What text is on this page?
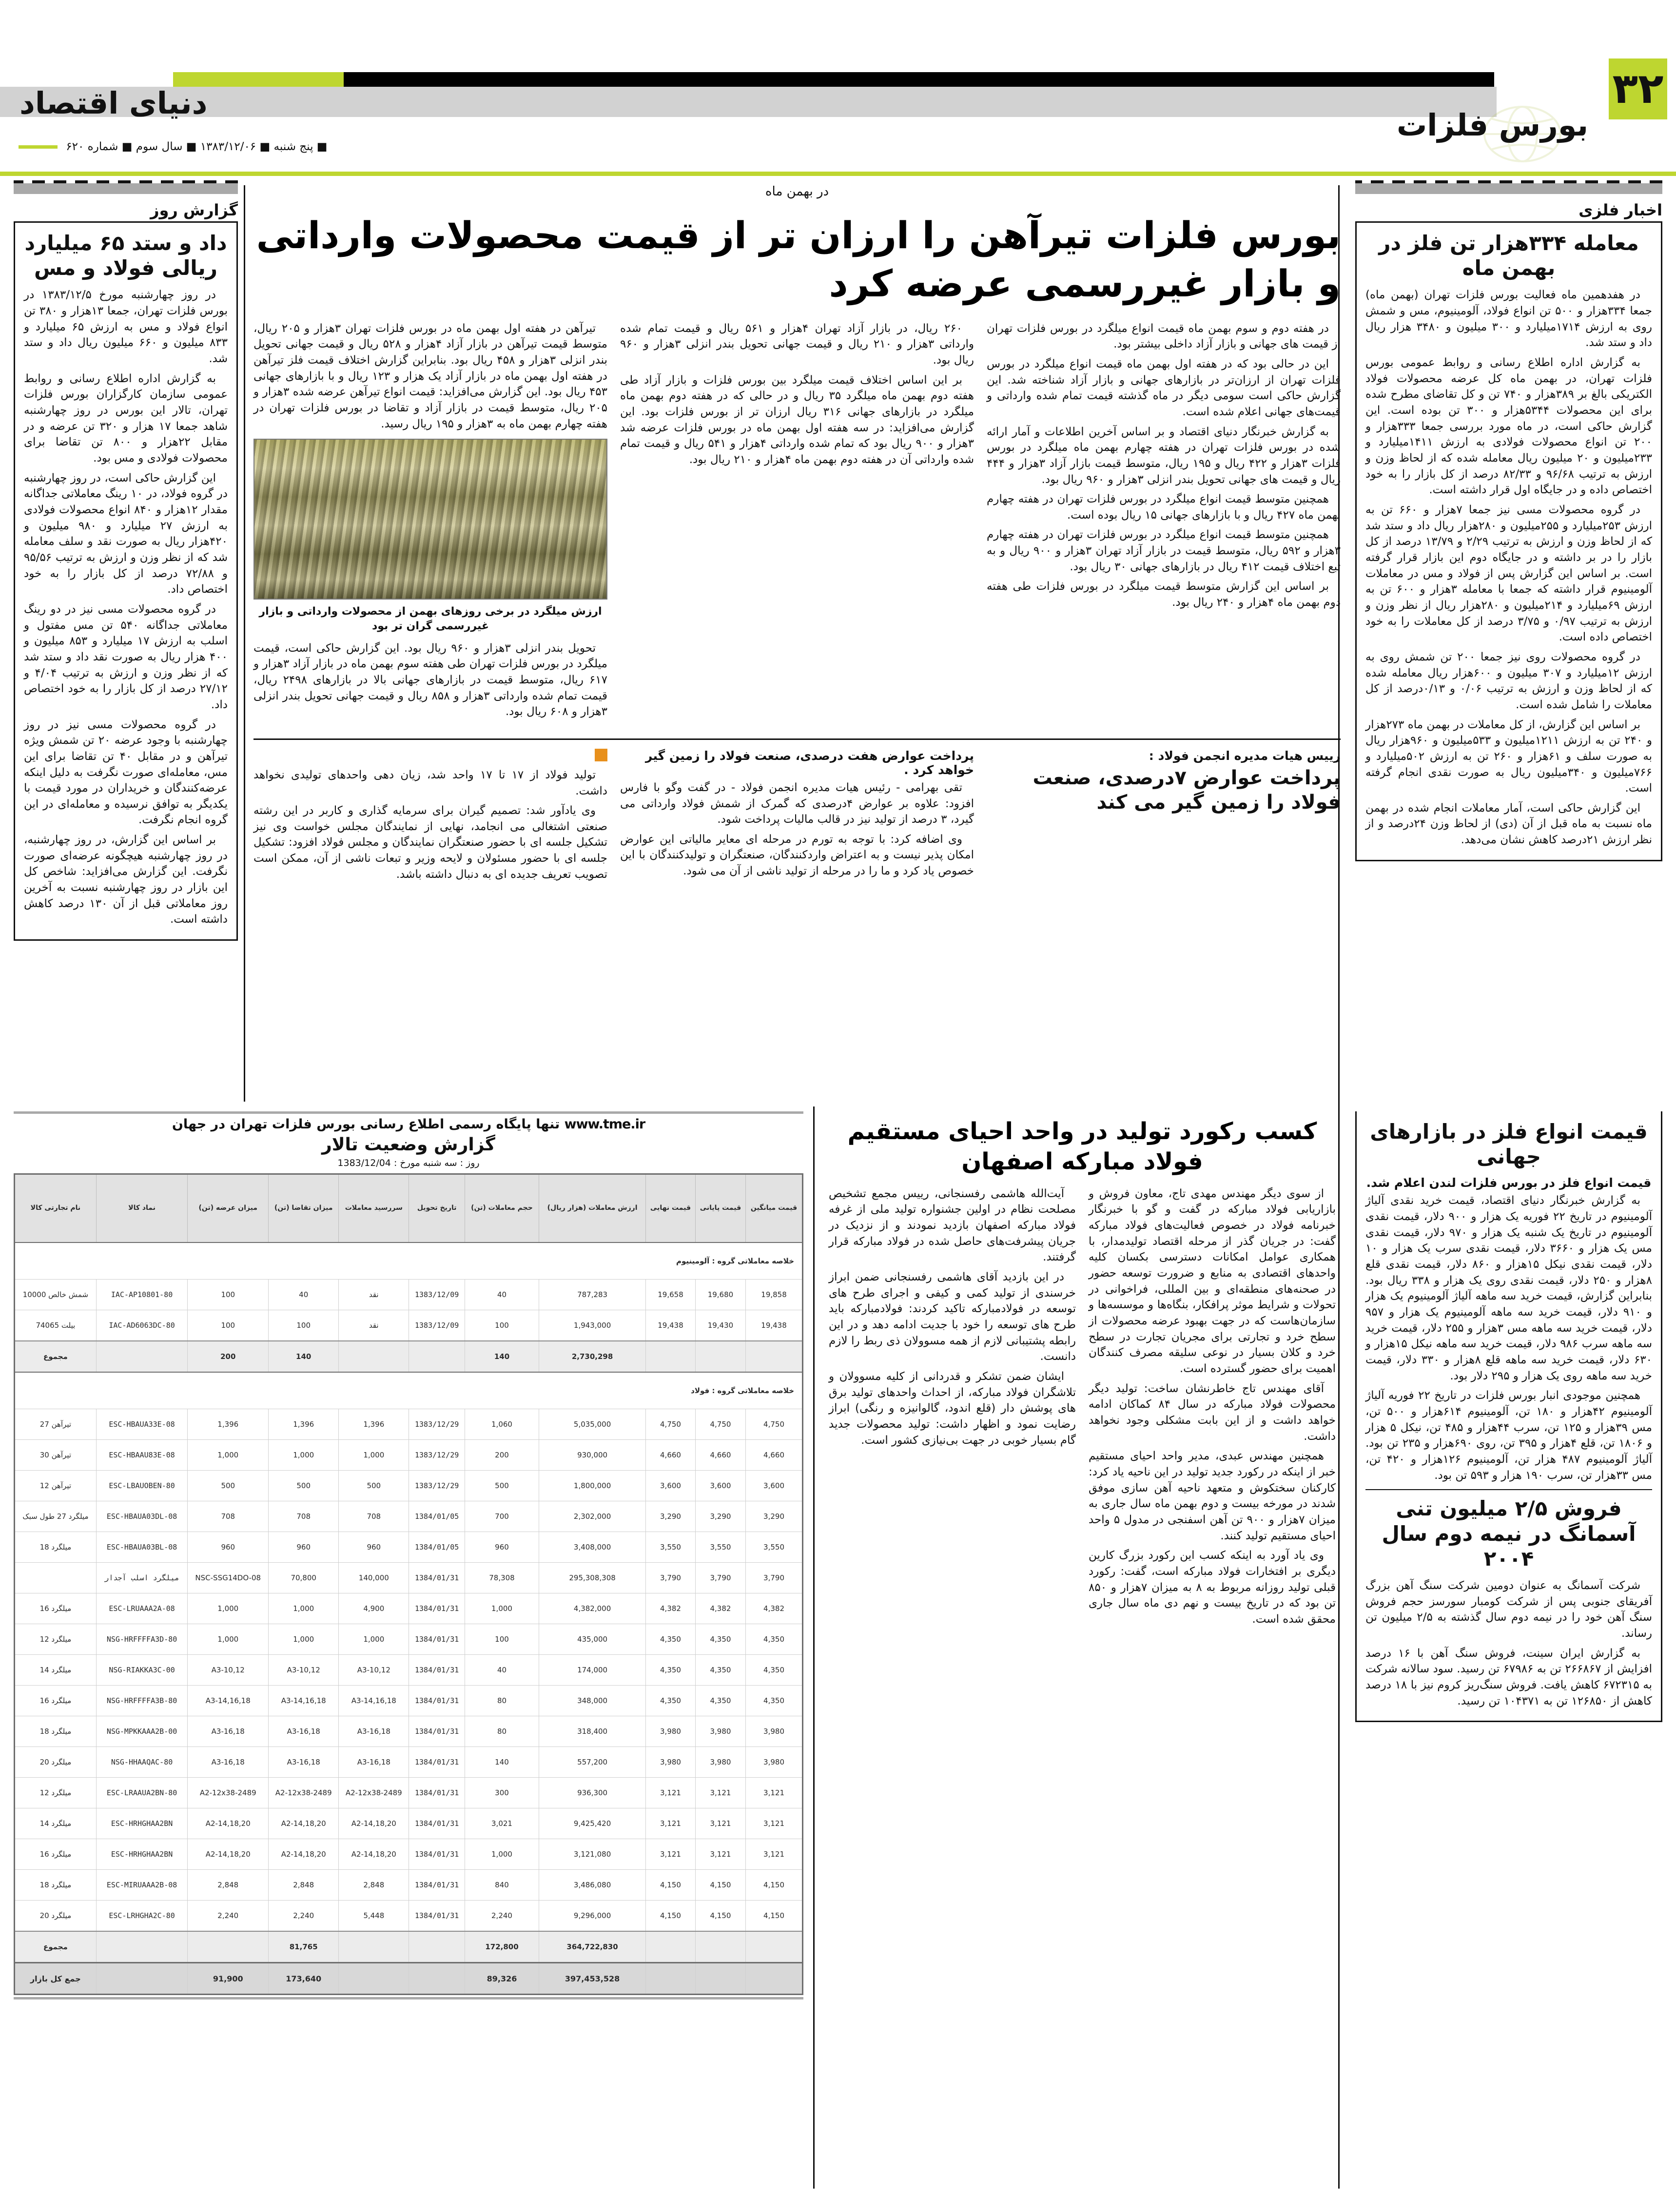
۳۲
دنیای اقتصاد
■ پنج شنبه ■ ۱۳۸۳/۱۲/۰۶ ■ سال سوم ■ شماره ۶۲۰
بورس فلزات
گزارش روز
داد و ستد ۶۵ میلیارد ریالی فولاد و مس

در روز چهارشنبه مورخ ۱۳۸۳/۱۲/۵ در بورس فلزات تهران، جمعا ۱۳هزار و ۳۸۰ تن انواع فولاد و مس به ارزش ۶۵ میلیارد و ۸۳۳ میلیون و ۶۶۰ میلیون ریال داد و ستد شد.

به گزارش اداره اطلاع رسانی و روابط عمومی سازمان کارگزاران بورس فلزات تهران، تالار این بورس در روز چهارشنبه شاهد جمعا ۱۷ هزار و ۳۲۰ تن عرضه و در مقابل ۲۲هزار و ۸۰۰ تن تقاضا برای محصولات فولادی و مس بود.

این گزارش حاکی است، در روز چهارشنبه در گروه فولاد، در ۱۰ رینگ معاملاتی جداگانه مقدار ۱۲هزار و ۸۴۰ انواع محصولات فولادی به ارزش ۲۷ میلیارد و ۹۸۰ میلیون و ۴۲۰هزار ریال به صورت نقد و سلف معامله شد که از نظر وزن و ارزش به ترتیب ۹۵/۵۶ و ۷۲/۸۸ درصد از کل بازار را به خود اختصاص داد.

در گروه محصولات مسی نیز در دو رینگ معاملاتی جداگانه ۵۴۰ تن مس مفتول و اسلب به ارزش ۱۷ میلیارد و ۸۵۳ میلیون و ۴۰۰ هزار ریال به صورت نقد داد و ستد شد که از نظر وزن و ارزش به ترتیب ۴/۰۴ و ۲۷/۱۲ درصد از کل بازار را به خود اختصاص داد.

در گروه محصولات مسی نیز در روز چهارشنبه با وجود عرضه ۲۰ تن شمش ویژه تیرآهن و در مقابل ۴۰ تن تقاضا برای این مس، معامله‌ای صورت نگرفت به دلیل اینکه عرضه‌کنندگان و خریداران در مورد قیمت با یکدیگر به توافق نرسیده و معامله‌ای در این گروه انجام نگرفت.

بر اساس این گزارش، در روز چهارشنبه، در روز چهارشنبه هیچگونه عرضه‌ای صورت نگرفت. این گزارش می‌افزاید: شاخص کل این بازار در روز چهارشنبه نسبت به آخرین روز معاملاتی قبل از آن ۱۳۰ درصد کاهش داشته است.

در بهمن ماه
بورس فلزات تیرآهن را ارزان تر از قیمت محصولات وارداتی و بازار غیررسمی عرضه کرد

در هفته دوم و سوم بهمن ماه قیمت انواع میلگرد در بورس فلزات تهران از قیمت های جهانی و بازار آزاد داخلی بیشتر بود.

این در حالی بود که در هفته اول بهمن ماه قیمت انواع میلگرد در بورس فلزات تهران از ارزان‌تر در بازارهای جهانی و بازار آزاد شناخته شد. این گزارش حاکی است سومی دیگر در ماه گذشته قیمت تمام شده وارداتی و قیمت‌های جهانی اعلام شده است.

به گزارش خبرنگار دنیای اقتصاد و بر اساس آخرین اطلاعات و آمار ارائه شده در بورس فلزات تهران در هفته چهارم بهمن ماه میلگرد در بورس فلزات ۳هزار و ۴۲۲ ریال و ۱۹۵ ریال، متوسط قیمت بازار آزاد ۳هزار و ۴۴۴ ریال و قیمت های جهانی تحویل بندر انزلی ۳هزار و ۹۶۰ ریال بود.

همچنین متوسط قیمت انواع میلگرد در بورس فلزات تهران در هفته چهارم بهمن ماه ۴۲۷ ریال و با بازارهای جهانی ۱۵ ریال بوده است.

همچنین متوسط قیمت انواع میلگرد در بورس فلزات تهران در هفته چهارم ۳هزار و ۵۹۲ ریال، متوسط قیمت در بازار آزاد تهران ۳هزار و ۹۰۰ ریال و به تبع اختلاف قیمت ۴۱۲ ریال در بازارهای جهانی ۳۰ ریال بود.

بر اساس این گزارش متوسط قیمت میلگرد در بورس فلزات طی هفته دوم بهمن ماه ۴هزار و ۲۴۰ ریال بود.

۲۶۰ ریال، در بازار آزاد تهران ۴هزار و ۵۶۱ ریال و قیمت تمام شده وارداتی ۳هزار و ۲۱۰ ریال و قیمت جهانی تحویل بندر انزلی ۳هزار و ۹۶۰ ریال بود.

بر این اساس اختلاف قیمت میلگرد بین بورس فلزات و بازار آزاد طی هفته دوم بهمن ماه میلگرد ۳۵ ریال و در حالی که در هفته دوم بهمن ماه میلگرد در بازارهای جهانی ۳۱۶ ریال ارزان تر از بورس فلزات بود. این گزارش می‌افزاید: در سه هفته اول بهمن ماه در بورس فلزات عرضه شد ۳هزار و ۹۰۰ ریال بود که تمام شده وارداتی ۴هزار و ۵۴۱ ریال و قیمت تمام شده وارداتی آن در هفته دوم بهمن ماه ۴هزار و ۲۱۰ ریال بود.

تیرآهن در هفته اول بهمن ماه در بورس فلزات تهران ۳هزار و ۲۰۵ ریال، متوسط قیمت تیرآهن در بازار آزاد ۴هزار و ۵۲۸ ریال و قیمت جهانی تحویل بندر انزلی ۳هزار و ۴۵۸ ریال بود. بنابراین گزارش اختلاف قیمت فلز تیرآهن در هفته اول بهمن ماه در بازار آزاد یک هزار و ۱۲۳ ریال و با بازارهای جهانی ۴۵۳ ریال بود. این گزارش می‌افزاید: قیمت انواع تیرآهن عرضه شده ۳هزار و ۲۰۵ ریال، متوسط قیمت در بازار آزاد و تقاضا در بورس فلزات تهران در هفته چهارم بهمن ماه به ۳هزار و ۱۹۵ ریال رسید.

ارزش میلگرد در برخی روزهای بهمن از محصولات وارداتی و بازار غیررسمی گران تر بود

تحویل بندر انزلی ۳هزار و ۹۶۰ ریال بود. این گزارش حاکی است، قیمت میلگرد در بورس فلزات تهران طی هفته سوم بهمن ماه در بازار آزاد ۳هزار و ۶۱۷ ریال، متوسط قیمت در بازارهای جهانی بالا در بازارهای ۲۴۹۸ ریال، قیمت تمام شده وارداتی ۳هزار و ۸۵۸ ریال و قیمت جهانی تحویل بندر انزلی ۳هزار و ۶۰۸ ریال بود.

رییس هیات مدیره انجمن فولاد :
پرداخت عوارض ۷درصدی، صنعت فولاد را زمین گیر می کند
پرداخت عوارض هفت درصدی، صنعت فولاد را زمین گیر خواهد کرد .

تقی بهرامی - رئیس هیات مدیره انجمن فولاد - در گفت وگو با فارس افزود: علاوه بر عوارض ۴درصدی که گمرک از شمش فولاد وارداتی می گیرد، ۳ درصد از تولید نیز در قالب مالیات پرداخت شود.

وی اضافه کرد: با توجه به تورم در مرحله ای معایر مالیاتی این عوارض امکان پذیر نیست و به اعتراض واردکنندگان، صنعتگران و تولیدکنندگان با این خصوص یاد کرد و ما را در مرحله از تولید ناشی از آن می شود.

تولید فولاد از ۱۷ تا ۱۷ واحد شد، زیان دهی واحدهای تولیدی نخواهد داشت.

وی یادآور شد: تصمیم گیران برای سرمایه گذاری و کاربر در این رشته صنعتی اشتغالی می انجامد، نهایی از نمایندگان مجلس خواست وی نیز تشکیل جلسه ای با حضور صنعتگران نمایندگان و مجلس فولاد افزود: تشکیل جلسه ای با حضور مسئولان و لایحه وزیر و تبعات ناشی از آن، ممکن است تصویب تعریف جدیده ای به دنبال داشته باشد.

اخبار فلزی
معامله ۳۳۴هزار تن فلز در بهمن ماه

در هفدهمین ماه فعالیت بورس فلزات تهران (بهمن ماه) جمعا ۳۳۴هزار و ۵۰۰ تن انواع فولاد، آلومینیوم، مس و شمش روی به ارزش ۱۷۱۴میلیارد و ۳۰۰ میلیون و ۳۴۸۰ هزار ریال داد و ستد شد.

به گزارش اداره اطلاع رسانی و روابط عمومی بورس فلزات تهران، در بهمن ماه کل عرضه محصولات فولاد الکتریکی بالغ بر ۳۸۹هزار و ۷۴۰ تن و کل تقاضای مطرح شده برای این محصولات ۵۳۴۴هزار و ۳۰۰ تن بوده است. این گزارش حاکی است، در ماه مورد بررسی جمعا ۳۳۳هزار و ۲۰۰ تن انواع محصولات فولادی به ارزش ۱۴۱۱میلیارد و ۲۳۳میلیون و ۲۰ میلیون ریال معامله شده که از لحاظ وزن و ارزش به ترتیب ۹۶/۶۸ و ۸۲/۳۳ درصد از کل بازار را به خود اختصاص داده و در جایگاه اول قرار داشته است.

در گروه محصولات مسی نیز جمعا ۷هزار و ۶۶۰ تن به ارزش ۲۵۳میلیارد و ۲۵۵میلیون و ۲۸۰هزار ریال داد و ستد شد که از لحاظ وزن و ارزش به ترتیب ۲/۲۹ و ۱۳/۷۹ درصد از کل بازار را در بر داشته و در جایگاه دوم این بازار قرار گرفته است. بر اساس این گزارش پس از فولاد و مس در معاملات آلومینیوم قرار داشته که جمعا با معامله ۳هزار و ۶۰۰ تن به ارزش ۶۹میلیارد و ۲۱۴میلیون و ۲۸۰هزار ریال از نظر وزن و ارزش به ترتیب ۰/۹۷ و ۳/۷۵ درصد از کل معاملات را به خود اختصاص داده است.

در گروه محصولات روی نیز جمعا ۲۰۰ تن شمش روی به ارزش ۱۲میلیارد و ۳۰۷ میلیون و ۶۰۰هزار ریال معامله شده که از لحاظ وزن و ارزش به ترتیب ۰/۰۶ و ۰/۱۳درصد از کل معاملات را شامل شده است.

بر اساس این گزارش، از کل معاملات در بهمن ماه ۲۷۳هزار و ۲۴۰ تن به ارزش ۱۲۱۱میلیون و ۵۳۳میلیون و ۹۶۰هزار ریال به صورت سلف و ۶۱هزار و ۲۶۰ تن به ارزش ۵۰۲میلیارد و ۷۶۶میلیون و ۳۴۰میلیون ریال به صورت نقدی انجام گرفته است.

این گزارش حاکی است، آمار معاملات انجام شده در بهمن ماه نسبت به ماه قبل از آن (دی) از لحاظ وزن ۲۴درصد و از نظر ارزش ۲۱درصد کاهش نشان می‌دهد.

قیمت انواع فلز در بازارهای جهانی
قیمت انواع فلز در بورس فلزات لندن اعلام شد.

به گزارش خبرنگار دنیای اقتصاد، قیمت خرید نقدی آلیاژ آلومینیوم در تاریخ ۲۲ فوریه یک هزار و ۹۰۰ دلار، قیمت نقدی آلومینیوم در تاریخ یک شنبه یک هزار و ۹۷۰ دلار، قیمت نقدی مس یک هزار و ۳۶۶۰ دلار، قیمت نقدی سرب یک هزار و ۱۰ دلار، قیمت نقدی نیکل ۱۵هزار و ۸۶۰ دلار، قیمت نقدی قلع ۸هزار و ۲۵۰ دلار، قیمت نقدی روی یک هزار و ۳۳۸ ریال بود. بنابراین گزارش، قیمت خرید سه ماهه آلیاژ آلومینیوم یک هزار و ۹۱۰ دلار، قیمت خرید سه ماهه آلومینیوم یک هزار و ۹۵۷ دلار، قیمت خرید سه ماهه مس ۳هزار و ۲۵۵ دلار، قیمت خرید سه ماهه سرب ۹۸۶ دلار، قیمت خرید سه ماهه نیکل ۱۵هزار و ۶۳۰ دلار، قیمت خرید سه ماهه قلع ۸هزار و ۳۳۰ دلار، قیمت خرید سه ماهه روی یک هزار و ۲۹۵ دلار بود.

همچنین موجودی انبار بورس فلزات در تاریخ ۲۲ فوریه آلیاژ آلومینیوم ۴۲هزار و ۱۸۰ تن، آلومینیوم ۶۱۴هزار و ۵۰۰ تن، مس ۳۹هزار و ۱۲۵ تن، سرب ۴۴هزار و ۴۸۵ تن، نیکل ۵ هزار و ۱۸۰۶ تن، قلع ۴هزار و ۳۹۵ تن، روی ۶۹۰هزار و ۲۳۵ تن بود. آلیاژ آلومینیوم ۴۸۷ هزار تن، آلومینیوم ۱۲۶هزار و ۴۲۰ تن، مس ۳۳هزار تن، سرب ۱۹۰ هزار و ۵۹۳ تن بود.

فروش ۲/۵ میلیون تنی آسمانگ در نیمه دوم سال ۲۰۰۴

شرکت آسمانگ به عنوان دومین شرکت سنگ آهن بزرگ آفریقای جنوبی پس از شرکت کومبار سورسز حجم فروش سنگ آهن خود را در نیمه دوم سال گذشته به ۲/۵ میلیون تن رساند.

به گزارش ایران سینت، فروش سنگ آهن با ۱۶ درصد افزایش از ۲۶۶۸۶۷ تن به ۶۷۹۸۶ تن رسید. سود سالانه شرکت به ۶۷۲۳۱۵ کاهش یافت. فروش سنگ‌ریز کروم نیز با ۱۸ درصد کاهش از ۱۲۶۸۵۰ تن به ۱۰۴۳۷۱ تن رسید.

کسب رکورد تولید در واحد احیای مستقیم فولاد مبارکه اصفهان

از سوی دیگر مهندس مهدی تاج، معاون فروش و بازاریابی فولاد مبارکه در گفت و گو با خبرنگار خبرنامه فولاد در خصوص فعالیت‌های فولاد مبارکه گفت: در جریان گذر از مرحله اقتصاد تولیدمدار، با همکاری عوامل امکانات دسترسی بکسان کلیه واحدهای اقتصادی به منابع و ضرورت توسعه حضور در صحنه‌های منطقه‌ای و بین المللی، فراخوانی در تحولات و شرایط موثر پرافکار، بنگاه‌ها و موسسه‌ها و سازمان‌هاست که در جهت بهبود عرضه محصولات از سطح خرد و تجارتی برای مجریان تجارت در سطح خرد و کلان بسیار در نوعی سلیقه مصرف کنندگان اهمیت برای حضور گسترده است.

آقای مهندس تاج خاطرنشان ساخت: تولید دیگر محصولات فولاد مبارکه در سال ۸۴ کماکان ادامه خواهد داشت و از این بابت مشکلی وجود نخواهد داشت.

همچنین مهندس عبدی، مدیر واحد احیای مستقیم خبر از اینکه در رکورد جدید تولید در این ناحیه یاد کرد: کارکنان سختکوش و متعهد ناحیه آهن سازی موفق شدند در مورخه بیست و دوم بهمن ماه سال جاری به میزان ۷هزار و ۹۰۰ تن آهن اسفنجی در مدول ۵ واحد احیای مستقیم تولید کنند.

وی یاد آورد به اینکه کسب این رکورد بزرگ کارین دیگری بر افتخارات فولاد مبارکه است، گفت: رکورد قبلی تولید روزانه مربوط به ۸ به میزان ۷هزار و ۸۵۰ تن بود که در تاریخ بیست و نهم دی ماه سال جاری محقق شده است.

آیت‌الله هاشمی رفسنجانی، رییس مجمع تشخیص مصلحت نظام در اولین جشنواره تولید ملی از غرفه فولاد مبارکه اصفهان بازدید نمودند و از نزدیک در جریان پیشرفت‌های حاصل شده در فولاد مبارکه قرار گرفتند.

در این بازدید آقای هاشمی رفسنجانی ضمن ابراز خرسندی از تولید کمی و کیفی و اجرای طرح های توسعه در فولادمبارکه تاکید کردند: فولادمبارکه باید طرح های توسعه را خود با جدیت ادامه دهد و در این رابطه پشتیبانی لازم از همه مسوولان ذی ربط را لازم دانست.

ایشان ضمن تشکر و قدردانی از کلیه مسوولان و تلاشگران فولاد مبارکه، از احداث واحدهای تولید برق های پوشش دار (قلع اندود، گالوانیزه و رنگی) ابراز رضایت نمود و اظهار داشت: تولید محصولات جدید گام بسیار خوبی در جهت بی‌نیازی کشور است.

www.tme.ir تنها پایگاه رسمی اطلاع رسانی بورس فلزات تهران در جهان
گزارش وضعیت تالار
روز : سه شنبه مورخ : 1383/12/04
قیمت میانگین	قیمت پایانی	قیمت نهایی	ارزش معاملات (هزار ریال)	حجم معاملات (تن)	تاریخ تحویل	سررسید معاملات	میزان تقاضا (تن)	میزان عرضه (تن)	نماد کالا	نام تجارتی کالا
خلاصه معاملاتی گروه : آلومینیوم										
19,858	19,680	19,658	787,283	40	1383/12/09	نقد	40	100	IAC-AP10801-80	شمش خالص 10000
19,438	19,430	19,438	1,943,000	100	1383/12/09	نقد	100	100	IAC-AD6063DC-80	بیلت 74065
			2,730,298	140			140	200		مجموع
خلاصه معاملاتی گروه : فولاد										
4,750	4,750	4,750	5,035,000	1,060	1383/12/29	1,396	1,396	1,396	ESC-HBAUA33E-08	تیرآهن 27
4,660	4,660	4,660	930,000	200	1383/12/29	1,000	1,000	1,000	ESC-HBAAU83E-08	تیرآهن 30
3,600	3,600	3,600	1,800,000	500	1383/12/29	500	500	500	ESC-LBAUOBEN-80	تیرآهن 12
3,290	3,290	3,290	2,302,000	700	1384/01/05	708	708	708	ESC-HBAUA03DL-08	میلگرد 27 طول سبک
3,550	3,550	3,550	3,408,000	960	1384/01/05	960	960	960	ESC-HBAUA03BL-08	میلگرد 18
3,790	3,790	3,790	295,308,308	78,308	1384/01/31	140,000	70,800	NSC-SSG14DO-08	میلگرد اسلب آجدار	
4,382	4,382	4,382	4,382,000	1,000	1384/01/31	4,900	1,000	1,000	ESC-LRUAAA2A-08	میلگرد 16
4,350	4,350	4,350	435,000	100	1384/01/31	1,000	1,000	1,000	NSG-HRFFFFA3D-80	میلگرد 12
4,350	4,350	4,350	174,000	40	1384/01/31	A3-10,12	A3-10,12	A3-10,12	NSG-RIAKKA3C-00	میلگرد 14
4,350	4,350	4,350	348,000	80	1384/01/31	A3-14,16,18	A3-14,16,18	A3-14,16,18	NSG-HRFFFFA3B-80	میلگرد 16
3,980	3,980	3,980	318,400	80	1384/01/31	A3-16,18	A3-16,18	A3-16,18	NSG-MPKKAAA2B-00	میلگرد 18
3,980	3,980	3,980	557,200	140	1384/01/31	A3-16,18	A3-16,18	A3-16,18	NSG-HHAAQAC-80	میلگرد 20
3,121	3,121	3,121	936,300	300	1384/01/31	A2-12x38-2489	A2-12x38-2489	A2-12x38-2489	ESC-LRAAUA2BN-80	میلگرد 12
3,121	3,121	3,121	9,425,420	3,021	1384/01/31	A2-14,18,20	A2-14,18,20	A2-14,18,20	ESC-HRHGHAA2BN	میلگرد 14
3,121	3,121	3,121	3,121,080	1,000	1384/01/31	A2-14,18,20	A2-14,18,20	A2-14,18,20	ESC-HRHGHAA2BN	میلگرد 16
4,150	4,150	4,150	3,486,080	840	1384/01/31	2,848	2,848	2,848	ESC-MIRUAAA2B-08	میلگرد 18
4,150	4,150	4,150	9,296,000	2,240	1384/01/31	5,448	2,240	2,240	ESC-LRHGHA2C-80	میلگرد 20
			364,722,830	172,800			81,765			مجموع
			397,453,528	89,326			173,640	91,900		جمع کل بازار
